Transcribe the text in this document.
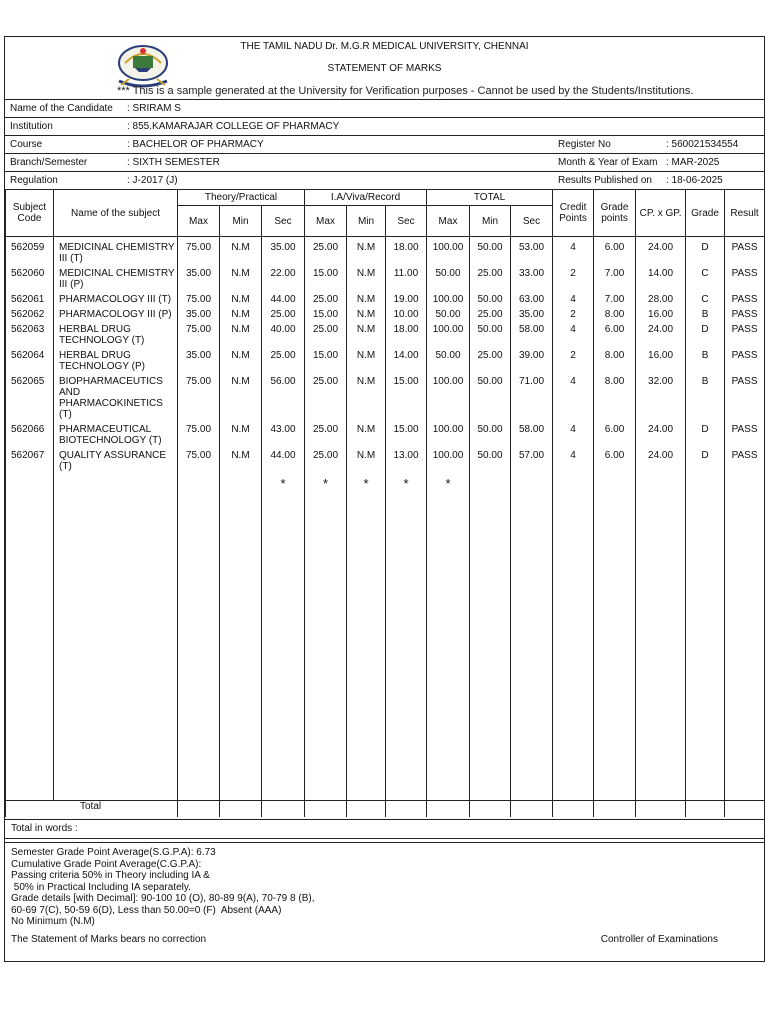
THE TAMIL NADU Dr. M.G.R MEDICAL UNIVERSITY, CHENNAI
STATEMENT OF MARKS
*** This is a sample generated at the University for Verification purposes - Cannot be used by the Students/Institutions.
Name of the Candidate : SRIRAM S
Institution	: 855.KAMARAJAR COLLEGE OF PHARMACY
Course	: BACHELOR OF PHARMACY	Register No	: 560021534554
Branch/Semester	: SIXTH SEMESTER	Month & Year of Exam : MAR-2025
Regulation	: J-2017 (J)	Results Published on : 18-06-2025
Subject Code	Name of the subject	Theory/Practical			I.A/Viva/Record			TOTAL			Credit Points	Grade points	CP. x GP.	Grade	Result
		Max	Min	Sec	Max	Min	Sec	Max	Min	Sec					
562059	MEDICINAL CHEMISTRY III (T)	75.00	N.M	35.00	25.00	N.M	18.00	100.00	50.00	53.00	4	6.00	24.00	D	PASS
562060	MEDICINAL CHEMISTRY III (P)	35.00	N.M	22.00	15.00	N.M	11.00	50.00	25.00	33.00	2	7.00	14.00	C	PASS
562061	PHARMACOLOGY III (T)	75.00	N.M	44.00	25.00	N.M	19.00	100.00	50.00	63.00	4	7.00	28.00	C	PASS
562062	PHARMACOLOGY III (P)	35.00	N.M	25.00	15.00	N.M	10.00	50.00	25.00	35.00	2	8.00	16.00	B	PASS
562063	HERBAL DRUG TECHNOLOGY (T)	75.00	N.M	40.00	25.00	N.M	18.00	100.00	50.00	58.00	4	6.00	24.00	D	PASS
562064	HERBAL DRUG TECHNOLOGY (P)	35.00	N.M	25.00	15.00	N.M	14.00	50.00	25.00	39.00	2	8.00	16.00	B	PASS
562065	BIOPHARMACEUTICS AND PHARMACOKINETICS (T)	75.00	N.M	56.00	25.00	N.M	15.00	100.00	50.00	71.00	4	8.00	32.00	B	PASS
562066	PHARMACEUTICAL BIOTECHNOLOGY (T)	75.00	N.M	43.00	25.00	N.M	15.00	100.00	50.00	58.00	4	6.00	24.00	D	PASS
562067	QUALITY ASSURANCE (T)	75.00	N.M	44.00	25.00	N.M	13.00	100.00	50.00	57.00	4	6.00	24.00	D	PASS
				*	*	*	*	*							

Total															
Total in words :
Semester Grade Point Average(S.G.P.A): 6.73
Cumulative Grade Point Average(C.G.P.A):
Passing criteria 50% in Theory including IA &
50% in Practical Including IA separately.
Grade details [with Decimal]: 90-100 10 (O), 80-89 9(A), 70-79 8 (B),
60-69 7(C), 50-59 6(D), Less than 50.00=0 (F)  Absent (AAA)
No Minimum (N.M)
The Statement of Marks bears no correction	Controller of Examinations
